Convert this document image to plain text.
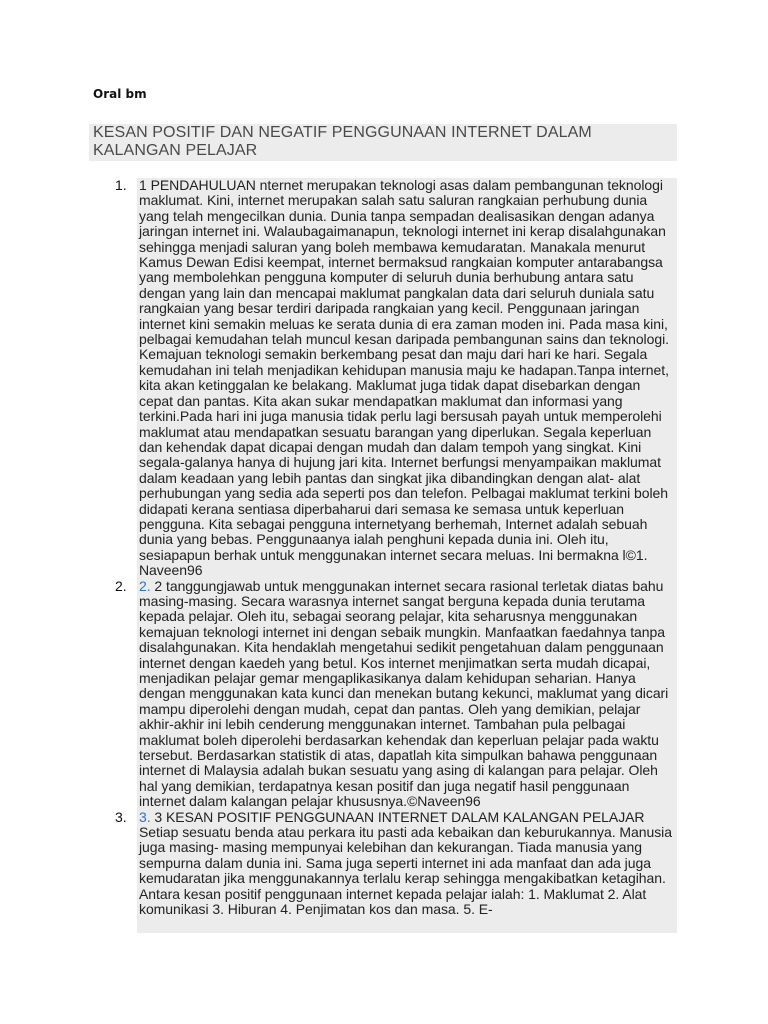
Oral bm
KESAN POSITIF DAN NEGATIF PENGGUNAAN INTERNET DALAM KALANGAN PELAJAR
1. 1 PENDAHULUAN nternet merupakan teknologi asas dalam pembangunan teknologi maklumat. Kini, internet merupakan salah satu saluran rangkaian perhubung dunia yang telah mengecilkan dunia. Dunia tanpa sempadan dealisasikan dengan adanya jaringan internet ini. Walaubagaimanapun, teknologi internet ini kerap disalahgunakan sehingga menjadi saluran yang boleh membawa kemudaratan. Manakala menurut Kamus Dewan Edisi keempat, internet bermaksud rangkaian komputer antarabangsa yang membolehkan pengguna komputer di seluruh dunia berhubung antara satu dengan yang lain dan mencapai maklumat pangkalan data dari seluruh duniala satu rangkaian yang besar terdiri daripada rangkaian yang kecil. Penggunaan jaringan internet kini semakin meluas ke serata dunia di era zaman moden ini. Pada masa kini, pelbagai kemudahan telah muncul kesan daripada pembangunan sains dan teknologi. Kemajuan teknologi semakin berkembang pesat dan maju dari hari ke hari. Segala kemudahan ini telah menjadikan kehidupan manusia maju ke hadapan.Tanpa internet, kita akan ketinggalan ke belakang. Maklumat juga tidak dapat disebarkan dengan cepat dan pantas. Kita akan sukar mendapatkan maklumat dan informasi yang terkini.Pada hari ini juga manusia tidak perlu lagi bersusah payah untuk memperolehi maklumat atau mendapatkan sesuatu barangan yang diperlukan. Segala keperluan dan kehendak dapat dicapai dengan mudah dan dalam tempoh yang singkat. Kini segala-galanya hanya di hujung jari kita. Internet berfungsi menyampaikan maklumat dalam keadaan yang lebih pantas dan singkat jika dibandingkan dengan alat- alat perhubungan yang sedia ada seperti pos dan telefon. Pelbagai maklumat terkini boleh didapati kerana sentiasa diperbaharui dari semasa ke semasa untuk keperluan pengguna. Kita sebagai pengguna internetyang berhemah, Internet adalah sebuah dunia yang bebas. Penggunaanya ialah penghuni kepada dunia ini. Oleh itu, sesiapapun berhak untuk menggunakan internet secara meluas. Ini bermakna l©1. Naveen96
2. 2. 2 tanggungjawab untuk menggunakan internet secara rasional terletak diatas bahu masing-masing. Secara warasnya internet sangat berguna kepada dunia terutama kepada pelajar. Oleh itu, sebagai seorang pelajar, kita seharusnya menggunakan kemajuan teknologi internet ini dengan sebaik mungkin. Manfaatkan faedahnya tanpa disalahgunakan. Kita hendaklah mengetahui sedikit pengetahuan dalam penggunaan internet dengan kaedeh yang betul. Kos internet menjimatkan serta mudah dicapai, menjadikan pelajar gemar mengaplikasikanya dalam kehidupan seharian. Hanya dengan menggunakan kata kunci dan menekan butang kekunci, maklumat yang dicari mampu diperolehi dengan mudah, cepat dan pantas. Oleh yang demikian, pelajar akhir-akhir ini lebih cenderung menggunakan internet. Tambahan pula pelbagai maklumat boleh diperolehi berdasarkan kehendak dan keperluan pelajar pada waktu tersebut. Berdasarkan statistik di atas, dapatlah kita simpulkan bahawa penggunaan internet di Malaysia adalah bukan sesuatu yang asing di kalangan para pelajar. Oleh hal yang demikian, terdapatnya kesan positif dan juga negatif hasil penggunaan internet dalam kalangan pelajar khususnya.©Naveen96
3. 3. 3 KESAN POSITIF PENGGUNAAN INTERNET DALAM KALANGAN PELAJAR Setiap sesuatu benda atau perkara itu pasti ada kebaikan dan keburukannya. Manusia juga masing- masing mempunyai kelebihan dan kekurangan. Tiada manusia yang sempurna dalam dunia ini. Sama juga seperti internet ini ada manfaat dan ada juga kemudaratan jika menggunakannya terlalu kerap sehingga mengakibatkan ketagihan. Antara kesan positif penggunaan internet kepada pelajar ialah: 1. Maklumat 2. Alat komunikasi 3. Hiburan 4. Penjimatan kos dan masa. 5. E-
